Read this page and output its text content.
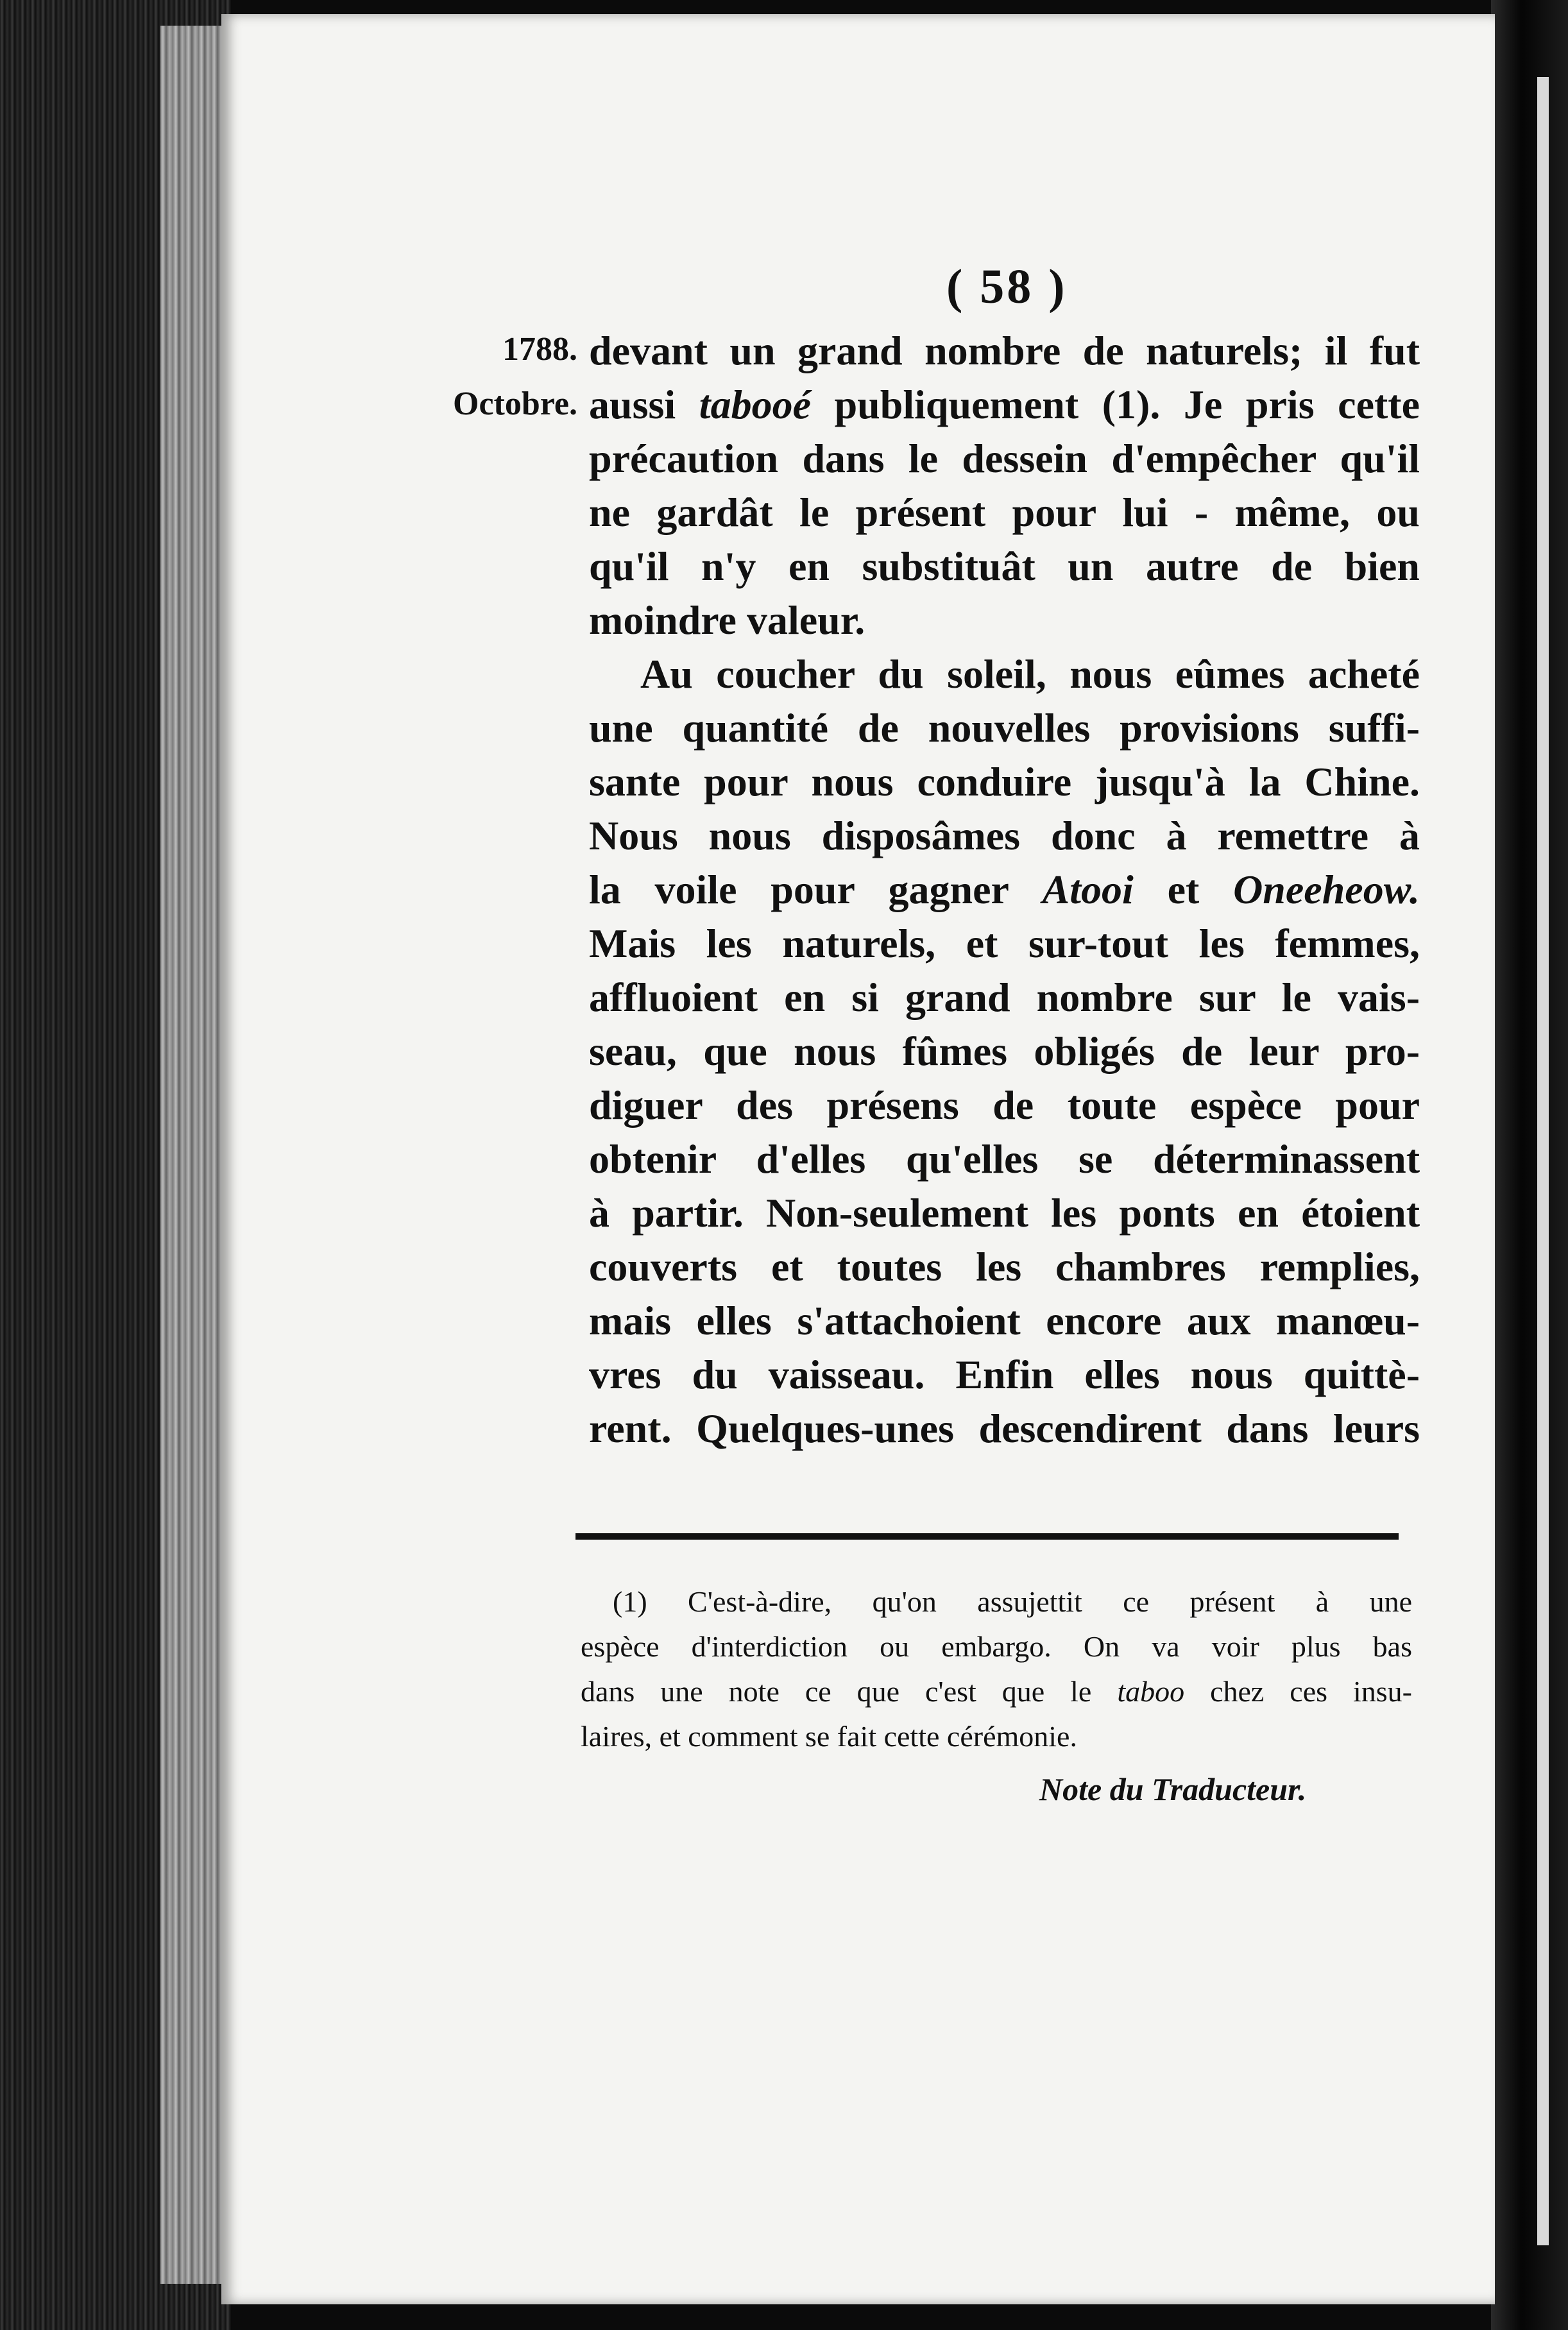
( 58 )
1788.
Octobre.
devant un grand nombre de naturels; il fut
aussi tabooé publiquement (1). Je pris cette
précaution dans le dessein d'empêcher qu'il
ne gardât le présent pour lui - même, ou
qu'il n'y en substituât un autre de bien
moindre valeur.
Au coucher du soleil, nous eûmes acheté
une quantité de nouvelles provisions suffi-
sante pour nous conduire jusqu'à la Chine.
Nous nous disposâmes donc à remettre à
la voile pour gagner Atooi et Oneeheow.
Mais les naturels, et sur-tout les femmes,
affluoient en si grand nombre sur le vais-
seau, que nous fûmes obligés de leur pro-
diguer des présens de toute espèce pour
obtenir d'elles qu'elles se déterminassent
à partir. Non-seulement les ponts en étoient
couverts et toutes les chambres remplies,
mais elles s'attachoient encore aux manœu-
vres du vaisseau. Enfin elles nous quittè-
rent. Quelques-unes descendirent dans leurs
(1) C'est-à-dire, qu'on assujettit ce présent à une
espèce d'interdiction ou embargo. On va voir plus bas
dans une note ce que c'est que le taboo chez ces insu-
laires, et comment se fait cette cérémonie.
Note du Traducteur.
